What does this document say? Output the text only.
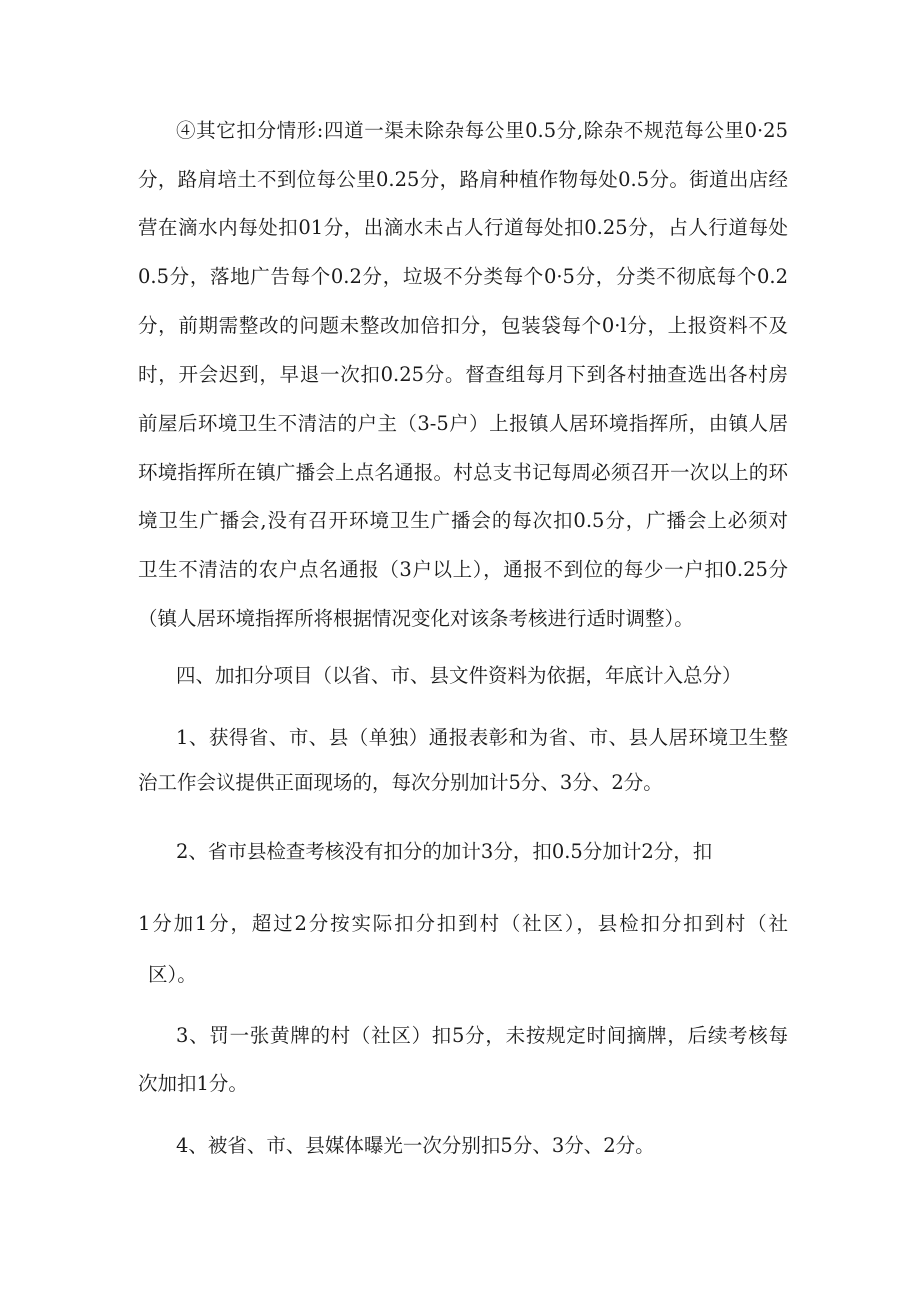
④其它扣分情形:四道一渠未除杂每公里0.5分,除杂不规范每公里0·25
分，路肩培土不到位每公里0.25分，路肩种植作物每处0.5分。街道出店经
营在滴水内每处扣01分，出滴水未占人行道每处扣0.25分，占人行道每处
0.5分，落地广告每个0.2分，垃圾不分类每个0·5分，分类不彻底每个0.2
分，前期需整改的问题未整改加倍扣分，包装袋每个0·l分，上报资料不及
时，开会迟到，早退一次扣0.25分。督查组每月下到各村抽查选出各村房
前屋后环境卫生不清洁的户主（3-5户）上报镇人居环境指挥所，由镇人居
环境指挥所在镇广播会上点名通报。村总支书记每周必须召开一次以上的环
境卫生广播会,没有召开环境卫生广播会的每次扣0.5分，广播会上必须对
卫生不清洁的农户点名通报（3户以上），通报不到位的每少一户扣0.25分
（镇人居环境指挥所将根据情况变化对该条考核进行适时调整）。
四、加扣分项目（以省、市、县文件资料为依据，年底计入总分）
1、获得省、市、县（单独）通报表彰和为省、市、县人居环境卫生整
治工作会议提供正面现场的，每次分别加计5分、3分、2分。
2、省市县检查考核没有扣分的加计3分，扣0.5分加计2分，扣
1分加1分，超过2分按实际扣分扣到村（社区），县检扣分扣到村（社
区）。
3、罚一张黄牌的村（社区）扣5分，未按规定时间摘牌，后续考核每
次加扣1分。
4、被省、市、县媒体曝光一次分别扣5分、3分、2分。
